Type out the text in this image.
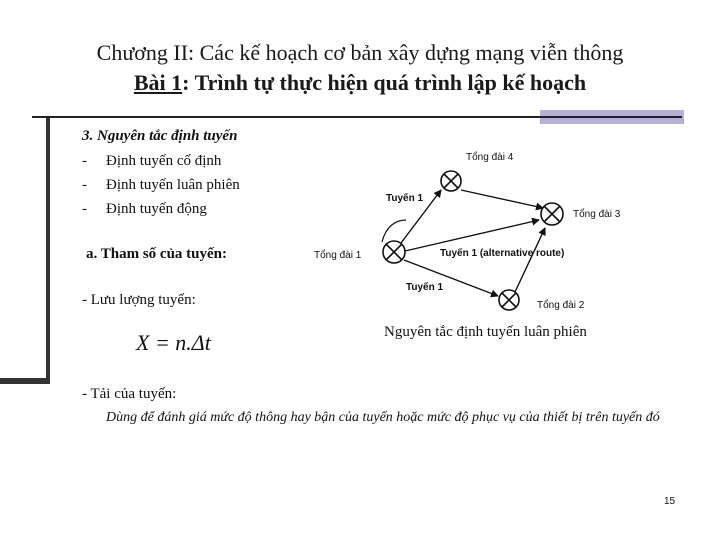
Chương II: Các kế hoạch cơ bản xây dựng mạng viễn thông
Bài 1: Trình tự thực hiện quá trình lập kế hoạch
3. Nguyên tắc định tuyến
- Định tuyến cố định
- Định tuyến luân phiên
- Định tuyến động
a. Tham số của tuyến:
- Lưu lượng tuyến:
X = n.Δt
- Tải của tuyến:
Dùng để đánh giá mức độ thông hay bận của tuyến hoặc mức độ phục vụ của thiết bị trên tuyến đó
Tổng đài 4
Tổng đài 3
Tổng đài 1
Tổng đài 2
Tuyến 1
Tuyến 1 (alternative route)
Tuyến 1
Nguyên tắc định tuyến luân phiên
15
